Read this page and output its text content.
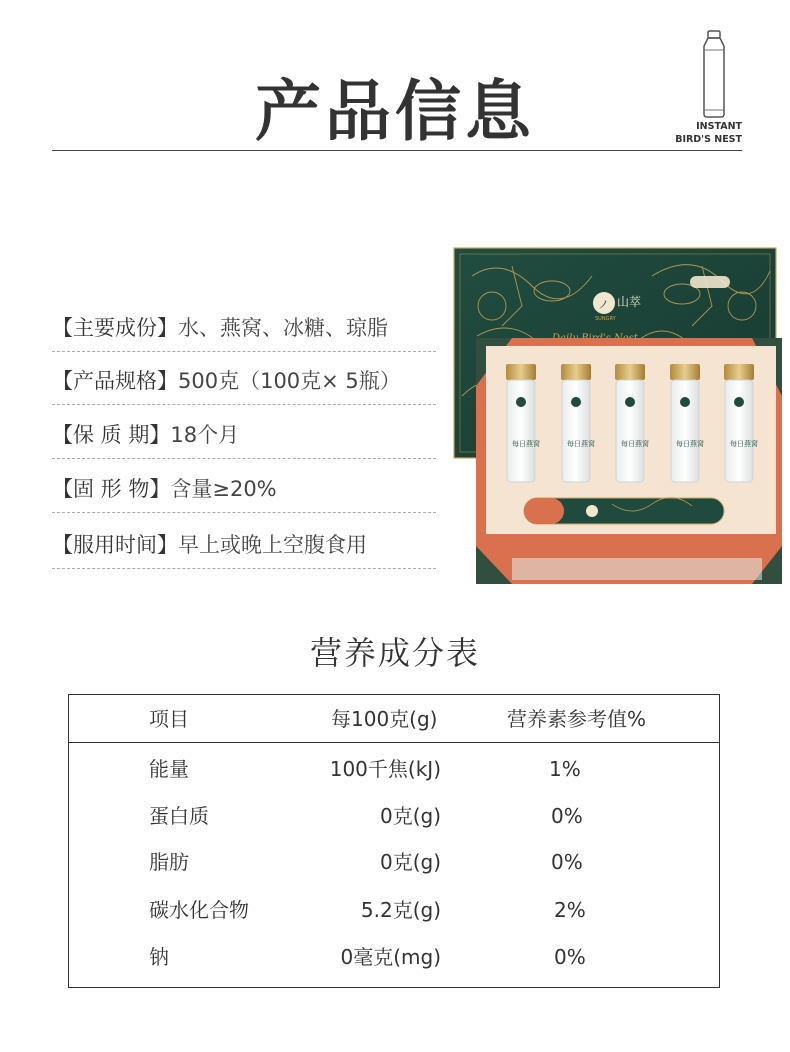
产品信息	INSTANT
BIRD'S NEST
【主要成份】 水、燕窝、冰糖、琼脂
【产品规格】 500克（100克× 5瓶）
【保 质 期】 18个月
【固 形 物】 含量≥20%
【服用时间】 早上或晚上空腹食用
ノ 山萃
SUNGRY
每日燕窝	每日燕窝	每日燕窝	每日燕窝	每日燕窝
营养成分表
项目	每100克(g)	营养素参考值%
能量	100千焦(kJ)	1%
蛋白质	0克(g)	0%
脂肪	0克(g)	0%
碳水化合物	5.2克(g)	2%
钠	0毫克(mg)	0%
